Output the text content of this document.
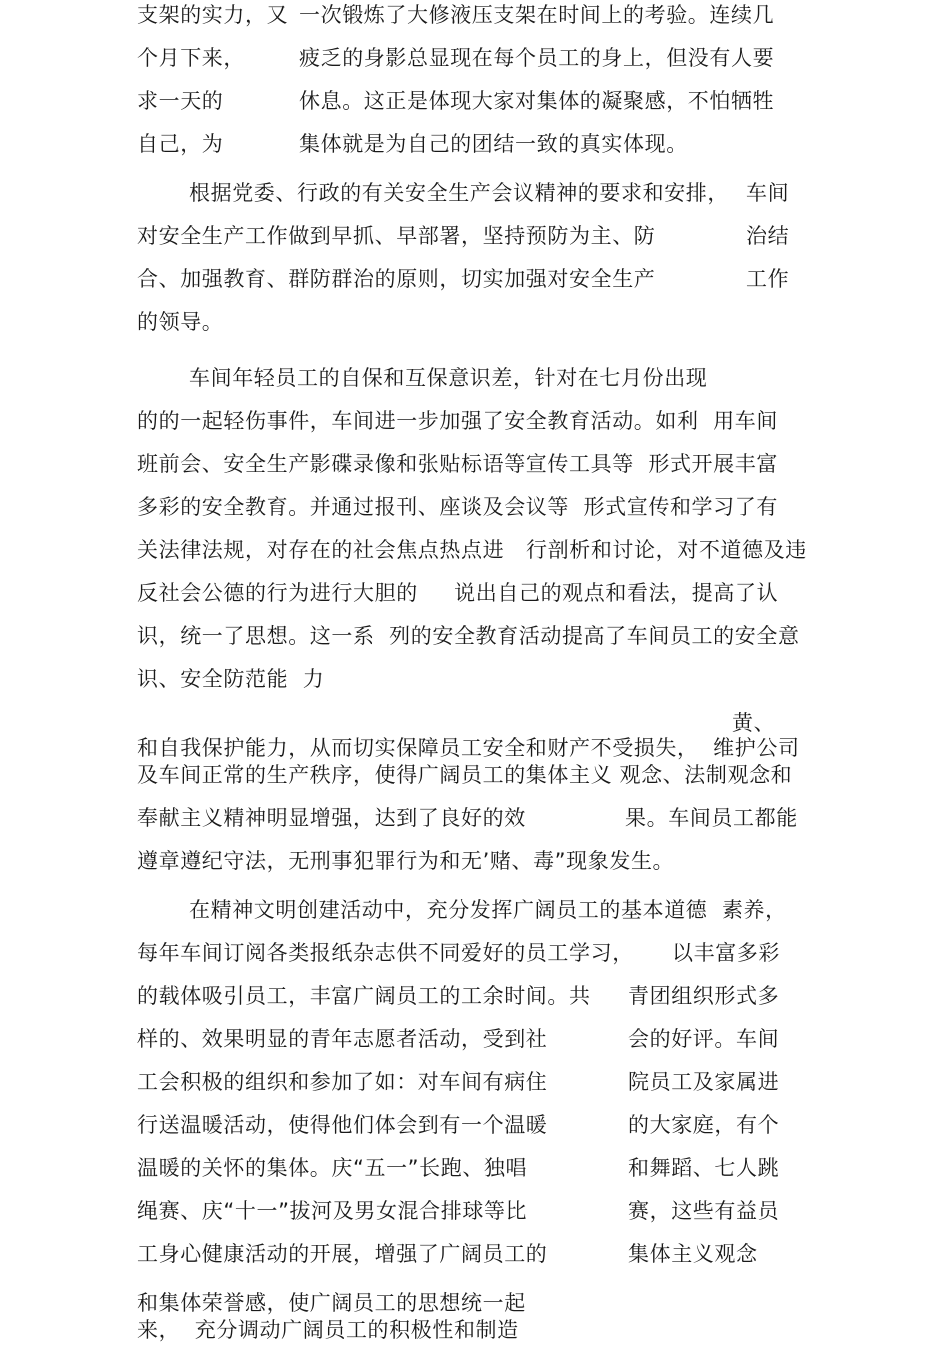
支架的实力，又 一次锻炼了大修液压支架在时间上的考验。连续几
个月下来，	疲乏的身影总显现在每个员工的身上，但没有人要
求一天的	休息。这正是体现大家对集体的凝聚感，不怕牺牲
自己，为	集体就是为自己的团结一致的真实体现。
根据党委、行政的有关安全生产会议精神的要求和安排， 车间
对安全生产工作做到早抓、早部署，坚持预防为主、防	治结
合、加强教育、群防群治的原则，切实加强对安全生产	工作
的领导。
车间年轻员工的自保和互保意识差，针对在七月份出现
的的一起轻伤事件，车间进一步加强了安全教育活动。如利  用车间
班前会、安全生产影碟录像和张贴标语等宣传工具等  形式开展丰富
多彩的安全教育。并通过报刊、座谈及会议等  形式宣传和学习了有
关法律法规，对存在的社会焦点热点进   行剖析和讨论，对不道德及违
反社会公德的行为进行大胆的     说出自己的观点和看法，提高了认
识，统一了思想。这一系  列的安全教育活动提高了车间员工的安全意
识、安全防范能  力
黄、
和自我保护能力，从而切实保障员工安全和财产不受损失，  维护公司
及车间正常的生产秩序，使得广阔员工的集体主义 观念、法制观念和
奉献主义精神明显增强，达到了良好的效	果。车间员工都能
遵章遵纪守法，无刑事犯罪行为和无’赌、毒”现象发生。
在精神文明创建活动中，充分发挥广阔员工的基本道德  素养，
每年车间订阅各类报纸杂志供不同爱好的员工学习， 以丰富多彩
的载体吸引员工，丰富广阔员工的工余时间。共 青团组织形式多
样的、效果明显的青年志愿者活动，受到社	会的好评。车间
工会积极的组织和参加了如：对车间有病住	院员工及家属进
行送温暖活动，使得他们体会到有一个温暖	的大家庭，有个
温暖的关怀的集体。庆“五一”长跑、独唱	和舞蹈、七人跳
绳赛、庆“十一”拔河及男女混合排球等比	赛，这些有益员
工身心健康活动的开展，增强了广阔员工的	集体主义观念
和集体荣誉感，使广阔员工的思想统一起
来，  充分调动广阔员工的积极性和制造
